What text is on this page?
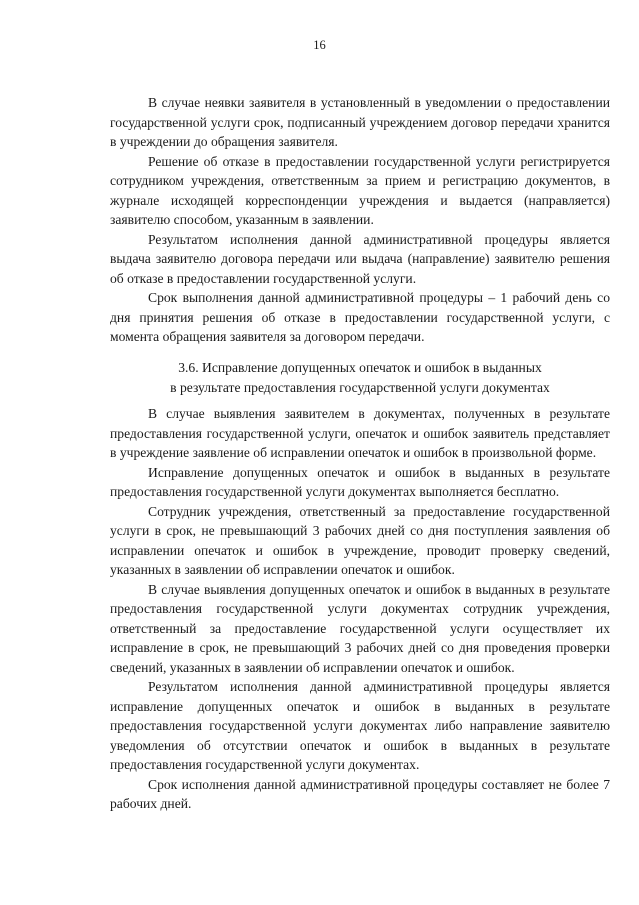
16

В случае неявки заявителя в установленный в уведомлении о предоставлении государственной услуги срок, подписанный учреждением договор передачи хранится в учреждении до обращения заявителя.

Решение об отказе в предоставлении государственной услуги регистрируется сотрудником учреждения, ответственным за прием и регистрацию документов, в журнале исходящей корреспонденции учреждения и выдается (направляется) заявителю способом, указанным в заявлении.

Результатом исполнения данной административной процедуры является выдача заявителю договора передачи или выдача (направление) заявителю решения об отказе в предоставлении государственной услуги.

Срок выполнения данной административной процедуры – 1 рабочий день со дня принятия решения об отказе в предоставлении государственной услуги, с момента обращения заявителя за договором передачи.

3.6. Исправление допущенных опечаток и ошибок в выданных
в результате предоставления государственной услуги документах

В случае выявления заявителем в документах, полученных в результате предоставления государственной услуги, опечаток и ошибок заявитель представляет в учреждение заявление об исправлении опечаток и ошибок в произвольной форме.

Исправление допущенных опечаток и ошибок в выданных в результате предоставления государственной услуги документах выполняется бесплатно.

Сотрудник учреждения, ответственный за предоставление государственной услуги в срок, не превышающий 3 рабочих дней со дня поступления заявления об исправлении опечаток и ошибок в учреждение, проводит проверку сведений, указанных в заявлении об исправлении опечаток и ошибок.

В случае выявления допущенных опечаток и ошибок в выданных в результате предоставления государственной услуги документах сотрудник учреждения, ответственный за предоставление государственной услуги осуществляет их исправление в срок, не превышающий 3 рабочих дней со дня проведения проверки сведений, указанных в заявлении об исправлении опечаток и ошибок.

Результатом исполнения данной административной процедуры является исправление допущенных опечаток и ошибок в выданных в результате предоставления государственной услуги документах либо направление заявителю уведомления об отсутствии опечаток и ошибок в выданных в результате предоставления государственной услуги документах.

Срок исполнения данной административной процедуры составляет не более 7 рабочих дней.
